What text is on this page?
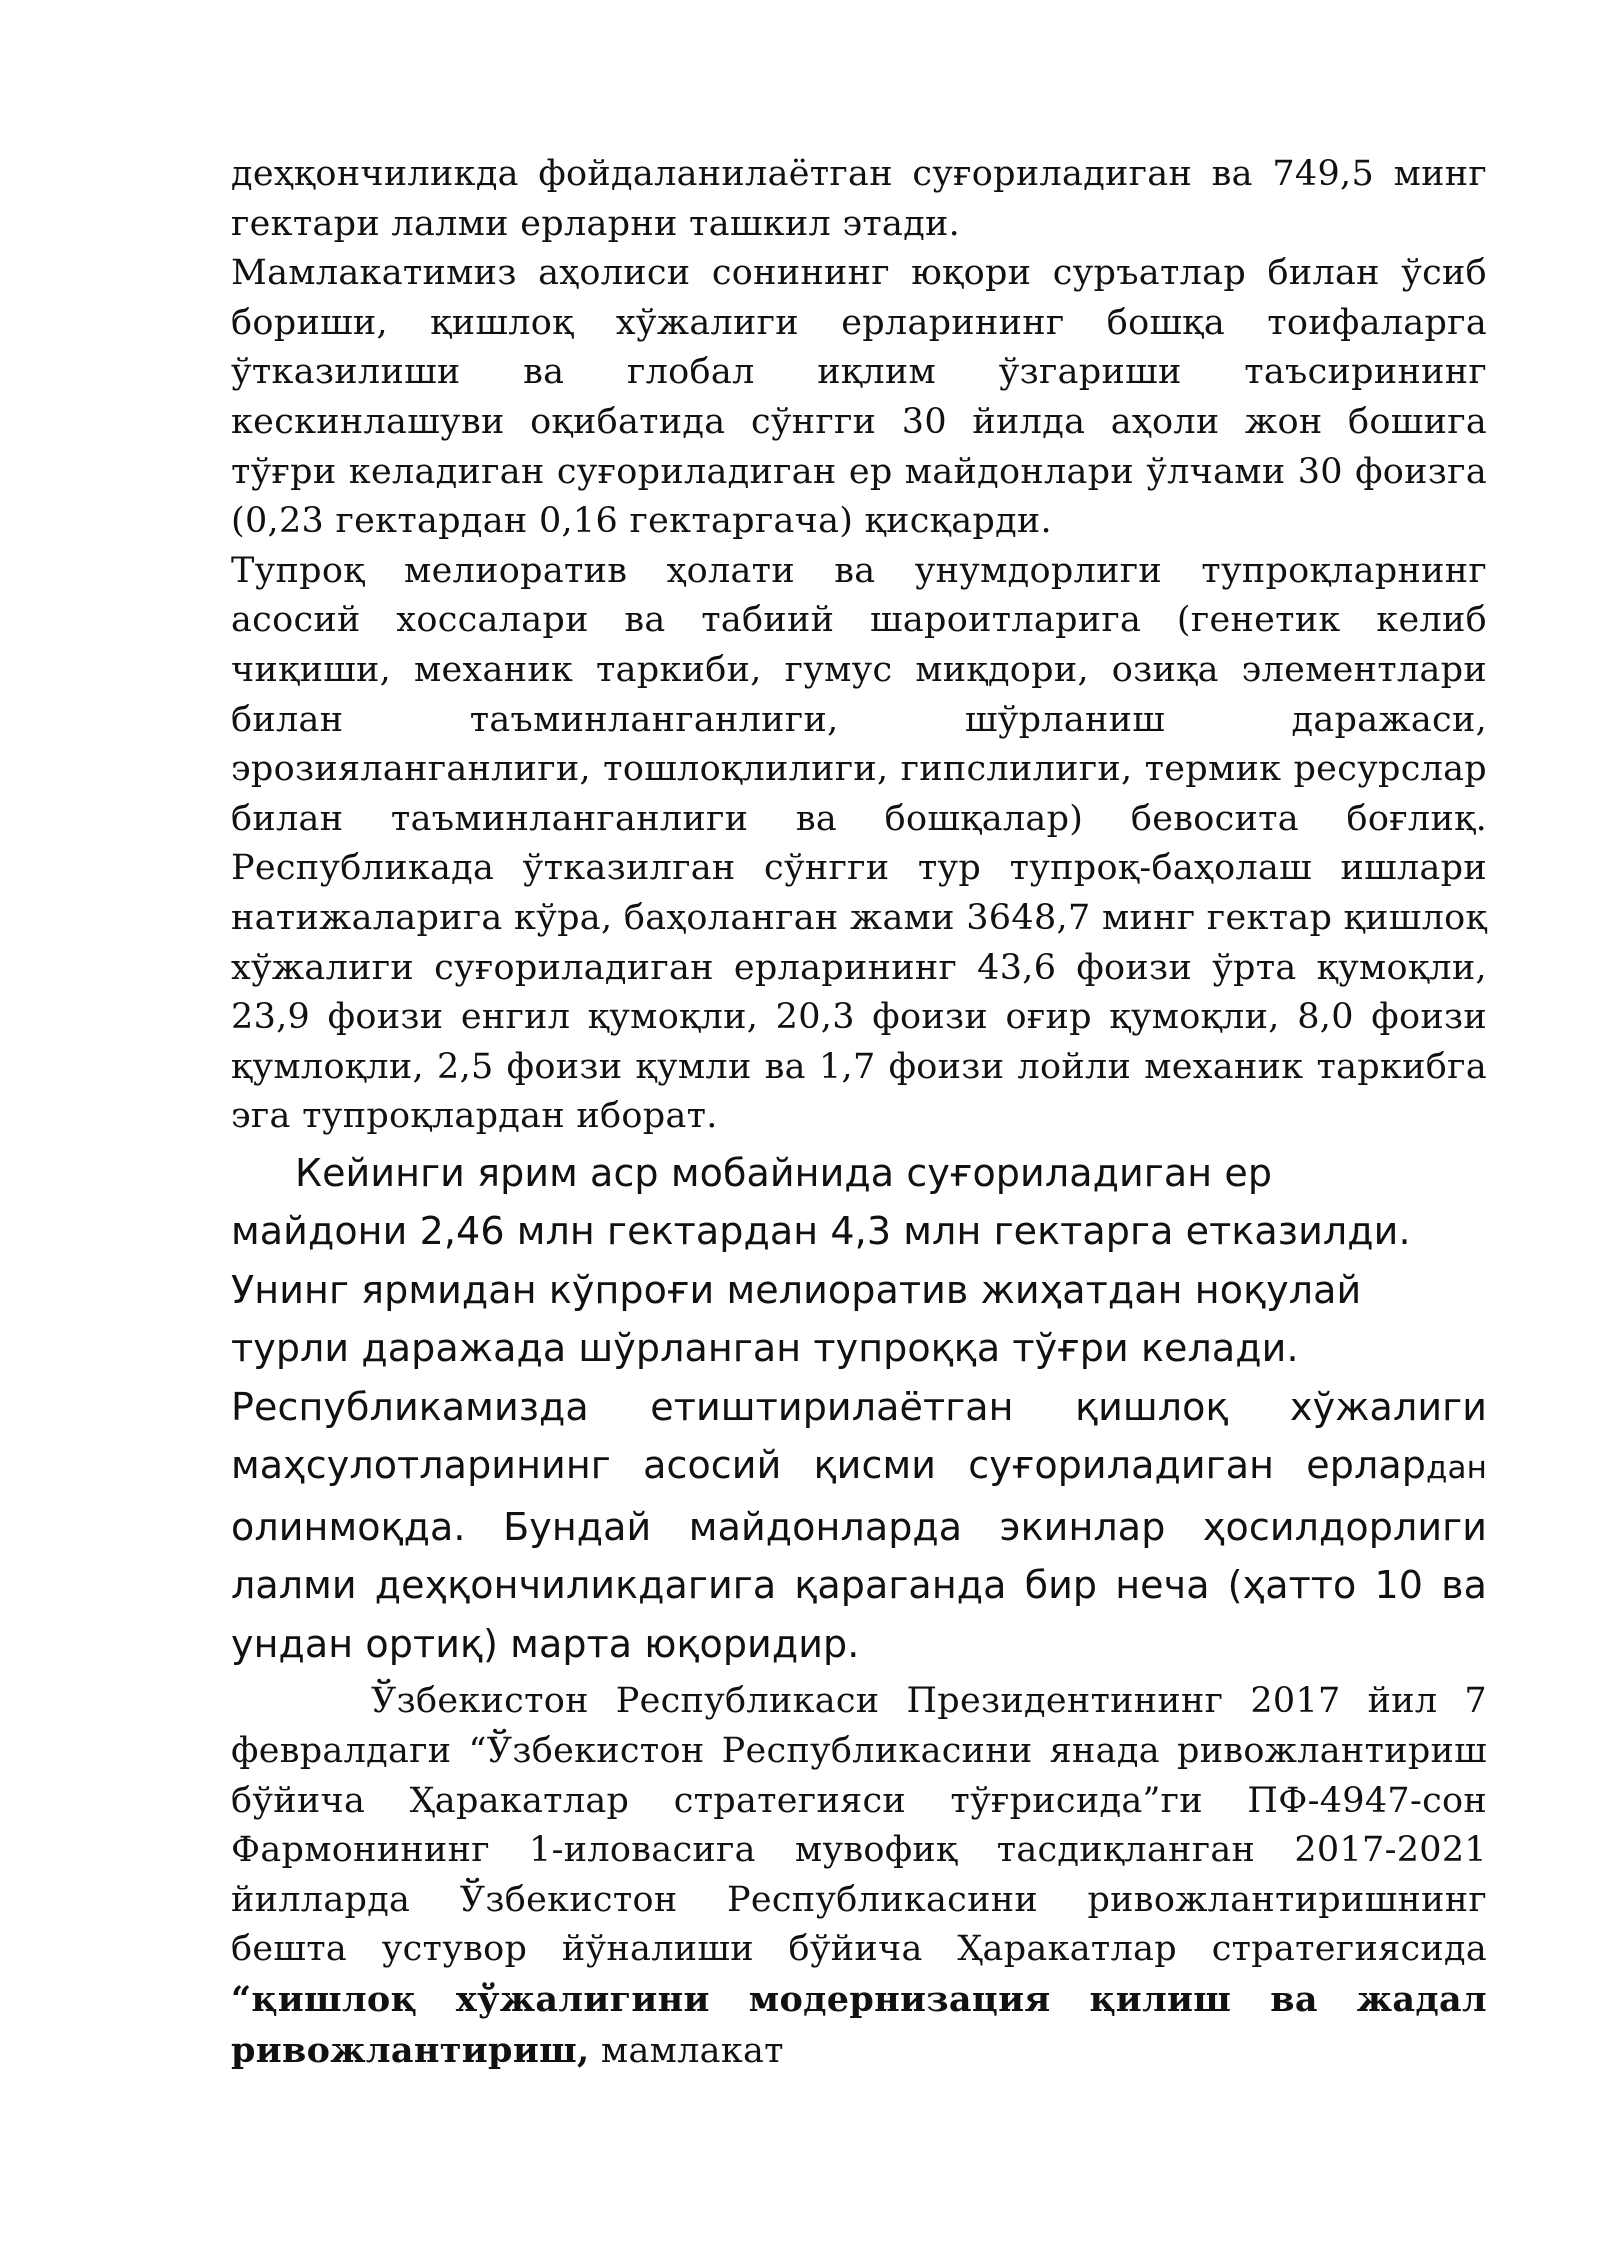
деҳқончиликда фойдаланилаётган суғориладиган ва 749,5 минг гектари лалми ерларни ташкил этади.

Мамлакатимиз аҳолиси сонининг юқори суръатлар билан ўсиб бориши, қишлоқ хўжалиги ерларининг бошқа тоифаларга ўтказилиши ва глобал иқлим ўзгариши таъсирининг кескинлашуви оқибатида сўнгги 30 йилда аҳоли жон бошига тўғри келадиган суғориладиган ер майдонлари ўлчами 30 фоизга (0,23 гектардан 0,16 гектаргача) қисқарди.

Тупроқ мелиоратив ҳолати ва унумдорлиги тупроқларнинг асосий хоссалари ва табиий шароитларига (генетик келиб чиқиши, механик таркиби, гумус миқдори, озиқа элементлари билан таъминланганлиги, шўрланиш даражаси, эрозияланганлиги, тошлоқлилиги, гипслилиги, термик ресурслар билан таъминланганлиги ва бошқалар) бевосита боғлиқ. Республикада ўтказилган сўнгги тур тупроқ-баҳолаш ишлари натижаларига кўра, баҳоланган жами 3648,7 минг гектар қишлоқ хўжалиги суғориладиган ерларининг 43,6 фоизи ўрта қумоқли, 23,9 фоизи енгил қумоқли, 20,3 фоизи оғир қумоқли, 8,0 фоизи қумлоқли, 2,5 фоизи қумли ва 1,7 фоизи лойли механик таркибга эга тупроқлардан иборат.

Кейинги ярим аср мобайнида суғориладиган ер

майдони 2,46 млн гектардан 4,3 млн гектарга етказилди.

Унинг ярмидан кўпроғи мелиоратив жиҳатдан ноқулай

турли даражада шўрланган тупроққа тўғри келади.

Республикамизда етиштирилаётган қишлоқ хўжалиги маҳсулотларининг асосий қисми суғориладиган ерлардан олинмоқда. Бундай майдонларда экинлар ҳосилдорлиги лалми деҳқончиликдагига қараганда бир неча (ҳатто 10 ва ундан ортиқ) марта юқоридир.

Ўзбекистон Республикаси Президентининг 2017 йил 7 февралдаги “Ўзбекистон Республикасини янада ривожлантириш бўйича Ҳаракатлар стратегияси тўғрисида”ги ПФ-4947-сон Фармонининг 1-иловасига мувофиқ тасдиқланган 2017-2021 йилларда Ўзбекистон Республикасини ривожлантиришнинг бешта устувор йўналиши бўйича Ҳаракатлар стратегиясида “қишлоқ хўжалигини модернизация қилиш ва жадал ривожлантириш, мамлакат
